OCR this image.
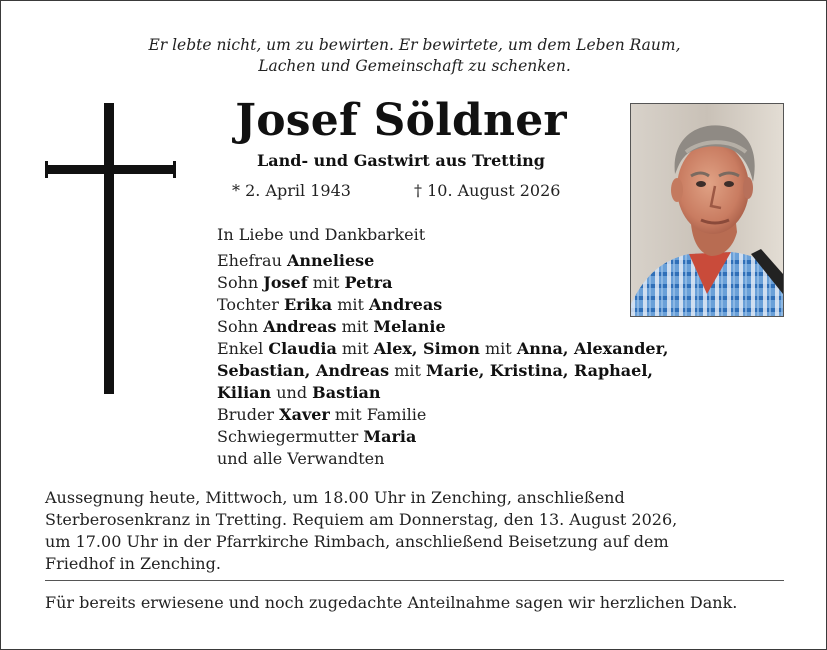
Er lebte nicht, um zu bewirten. Er bewirtete, um dem Leben Raum,
Lachen und Gemeinschaft zu schenken.
Josef Söldner
Land- und Gastwirt aus Tretting
* 2. April 1943	† 10. August 2026
In Liebe und Dankbarkeit
Ehefrau Anneliese
Sohn Josef mit Petra
Tochter Erika mit Andreas
Sohn Andreas mit Melanie
Enkel Claudia mit Alex, Simon mit Anna, Alexander,
Sebastian, Andreas mit Marie, Kristina, Raphael,
Kilian und Bastian
Bruder Xaver mit Familie
Schwiegermutter Maria
und alle Verwandten
Aussegnung heute, Mittwoch, um 18.00 Uhr in Zenching, anschließend
Sterberosenkranz in Tretting. Requiem am Donnerstag, den 13. August 2026,
um 17.00 Uhr in der Pfarrkirche Rimbach, anschließend Beisetzung auf dem
Friedhof in Zenching.
Für bereits erwiesene und noch zugedachte Anteilnahme sagen wir herzlichen Dank.
